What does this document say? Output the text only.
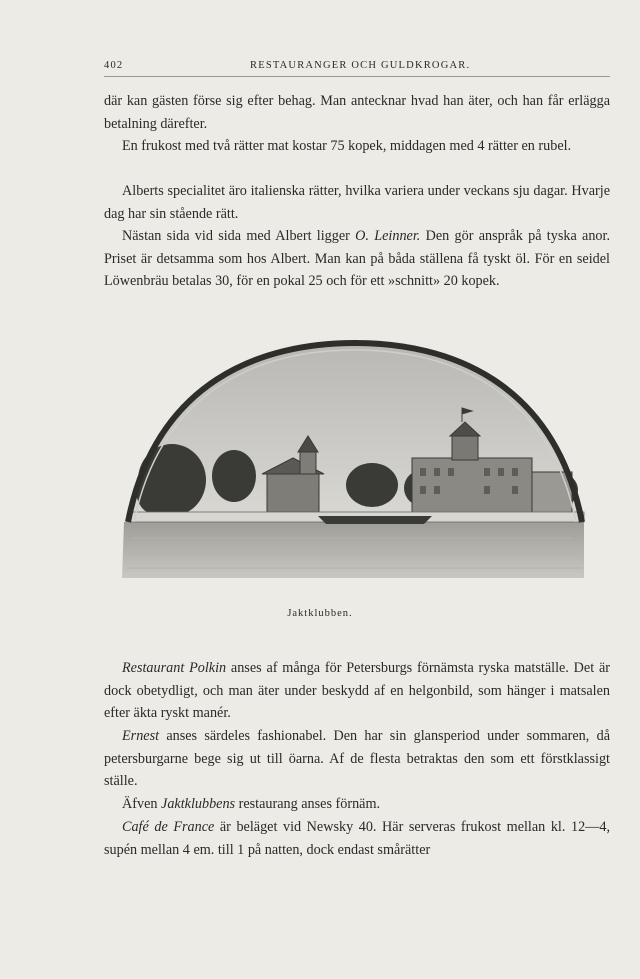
402	RESTAURANGER OCH GULDKROGAR.

där kan gästen förse sig efter behag. Man antecknar hvad han äter, och han får erlägga betalning därefter.

En frukost med två rätter mat kostar 75 kopek, middagen med 4 rätter en rubel.

Alberts specialitet äro italienska rätter, hvilka variera under veckans sju dagar. Hvarje dag har sin stående rätt.

Nästan sida vid sida med Albert ligger O. Leinner. Den gör anspråk på tyska anor. Priset är detsamma som hos Albert. Man kan på båda ställena få tyskt öl. För en seidel Löwenbräu betalas 30, för en pokal 25 och för ett »schnitt» 20 kopek.

Jaktklubben.

Restaurant Polkin anses af många för Petersburgs förnämsta ryska matställe. Det är dock obetydligt, och man äter under beskydd af en helgonbild, som hänger i matsalen efter äkta ryskt manér.

Ernest anses särdeles fashionabel. Den har sin glansperiod under sommaren, då petersburgarne bege sig ut till öarna. Af de flesta betraktas den som ett förstklassigt ställe.

Äfven Jaktklubbens restaurang anses förnäm.

Café de France är beläget vid Newsky 40. Här serveras frukost mellan kl. 12—4, supén mellan 4 em. till 1 på natten, dock endast smårätter
